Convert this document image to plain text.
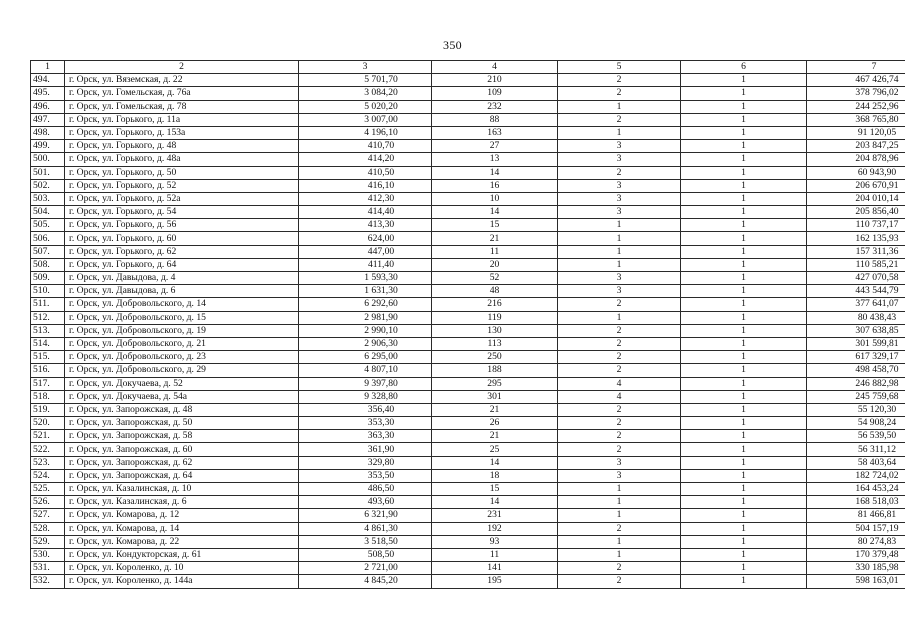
350
1	2	3	4	5	6	7
494.	г. Орск, ул. Вяземская, д. 22	5 701,70	210	2	1	467 426,74
495.	г. Орск, ул. Гомельская, д. 76а	3 084,20	109	2	1	378 796,02
496.	г. Орск, ул. Гомельская, д. 78	5 020,20	232	1	1	244 252,96
497.	г. Орск, ул. Горького, д. 11а	3 007,00	88	2	1	368 765,80
498.	г. Орск, ул. Горького, д. 153а	4 196,10	163	1	1	91 120,05
499.	г. Орск, ул. Горького, д. 48	410,70	27	3	1	203 847,25
500.	г. Орск, ул. Горького, д. 48а	414,20	13	3	1	204 878,96
501.	г. Орск, ул. Горького, д. 50	410,50	14	2	1	60 943,90
502.	г. Орск, ул. Горького, д. 52	416,10	16	3	1	206 670,91
503.	г. Орск, ул. Горького, д. 52а	412,30	10	3	1	204 010,14
504.	г. Орск, ул. Горького, д. 54	414,40	14	3	1	205 856,40
505.	г. Орск, ул. Горького, д. 56	413,30	15	1	1	110 737,17
506.	г. Орск, ул. Горького, д. 60	624,00	21	1	1	162 135,93
507.	г. Орск, ул. Горького, д. 62	447,00	11	1	1	157 311,36
508.	г. Орск, ул. Горького, д. 64	411,40	20	1	1	110 585,21
509.	г. Орск, ул. Давыдова, д. 4	1 593,30	52	3	1	427 070,58
510.	г. Орск, ул. Давыдова, д. 6	1 631,30	48	3	1	443 544,79
511.	г. Орск, ул. Добровольского, д. 14	6 292,60	216	2	1	377 641,07
512.	г. Орск, ул. Добровольского, д. 15	2 981,90	119	1	1	80 438,43
513.	г. Орск, ул. Добровольского, д. 19	2 990,10	130	2	1	307 638,85
514.	г. Орск, ул. Добровольского, д. 21	2 906,30	113	2	1	301 599,81
515.	г. Орск, ул. Добровольского, д. 23	6 295,00	250	2	1	617 329,17
516.	г. Орск, ул. Добровольского, д. 29	4 807,10	188	2	1	498 458,70
517.	г. Орск, ул. Докучаева, д. 52	9 397,80	295	4	1	246 882,98
518.	г. Орск, ул. Докучаева, д. 54а	9 328,80	301	4	1	245 759,68
519.	г. Орск, ул. Запорожская, д. 48	356,40	21	2	1	55 120,30
520.	г. Орск, ул. Запорожская, д. 50	353,30	26	2	1	54 908,24
521.	г. Орск, ул. Запорожская, д. 58	363,30	21	2	1	56 539,50
522.	г. Орск, ул. Запорожская, д. 60	361,90	25	2	1	56 311,12
523.	г. Орск, ул. Запорожская, д. 62	329,80	14	3	1	58 403,64
524.	г. Орск, ул. Запорожская, д. 64	353,50	18	3	1	182 724,02
525.	г. Орск, ул. Казалинская, д. 10	486,50	15	1	1	164 453,24
526.	г. Орск, ул. Казалинская, д. 6	493,60	14	1	1	168 518,03
527.	г. Орск, ул. Комарова, д. 12	6 321,90	231	1	1	81 466,81
528.	г. Орск, ул. Комарова, д. 14	4 861,30	192	2	1	504 157,19
529.	г. Орск, ул. Комарова, д. 22	3 518,50	93	1	1	80 274,83
530.	г. Орск, ул. Кондукторская, д. 61	508,50	11	1	1	170 379,48
531.	г. Орск, ул. Короленко, д. 10	2 721,00	141	2	1	330 185,98
532.	г. Орск, ул. Короленко, д. 144а	4 845,20	195	2	1	598 163,01
